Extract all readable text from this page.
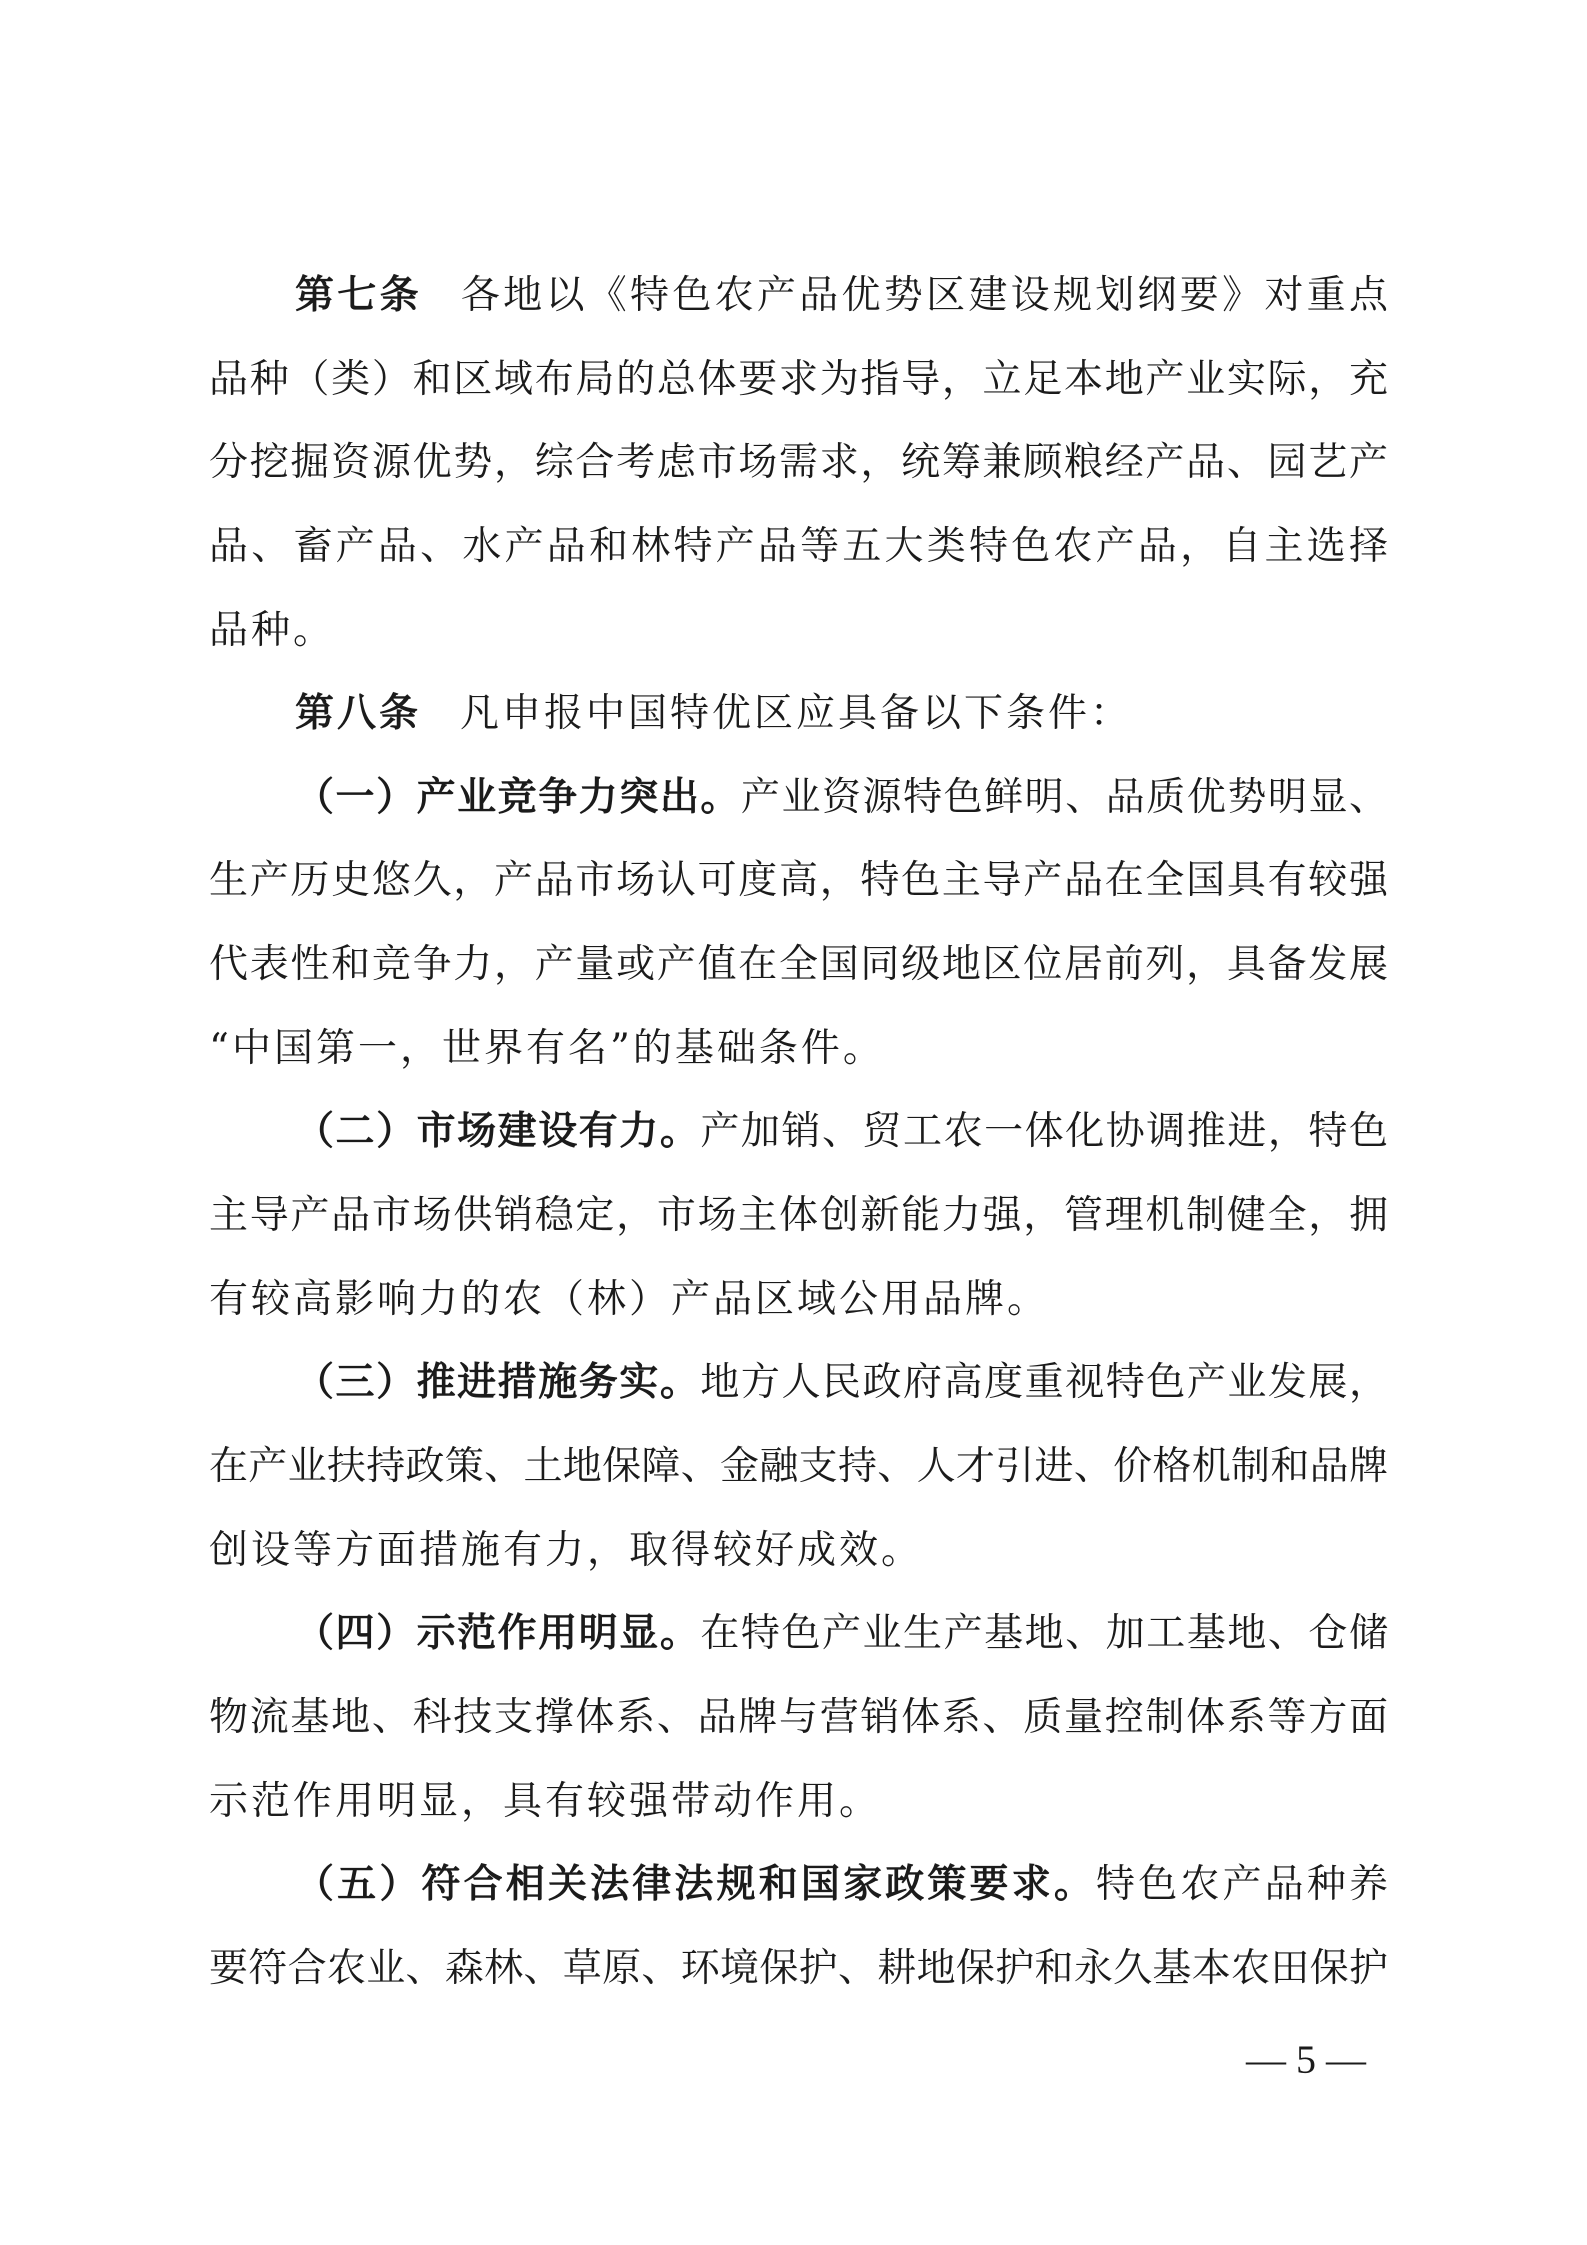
第七条 各地以《特色农产品优势区建设规划纲要》对重点
品种（类）和区域布局的总体要求为指导，立足本地产业实际，充
分挖掘资源优势，综合考虑市场需求，统筹兼顾粮经产品、园艺产
品、畜产品、水产品和林特产品等五大类特色农产品，自主选择
品种。
第八条 凡申报中国特优区应具备以下条件：
（一）产业竞争力突出。产业资源特色鲜明、品质优势明显、
生产历史悠久，产品市场认可度高，特色主导产品在全国具有较强
代表性和竞争力，产量或产值在全国同级地区位居前列，具备发展
“中国第一，世界有名”的基础条件。
（二）市场建设有力。产加销、贸工农一体化协调推进，特色
主导产品市场供销稳定，市场主体创新能力强，管理机制健全，拥
有较高影响力的农（林）产品区域公用品牌。
（三）推进措施务实。地方人民政府高度重视特色产业发展，
在产业扶持政策、土地保障、金融支持、人才引进、价格机制和品牌
创设等方面措施有力，取得较好成效。
（四）示范作用明显。在特色产业生产基地、加工基地、仓储
物流基地、科技支撑体系、品牌与营销体系、质量控制体系等方面
示范作用明显，具有较强带动作用。
（五）符合相关法律法规和国家政策要求。特色农产品种养
要符合农业、森林、草原、环境保护、耕地保护和永久基本农田保护
— 5 —
